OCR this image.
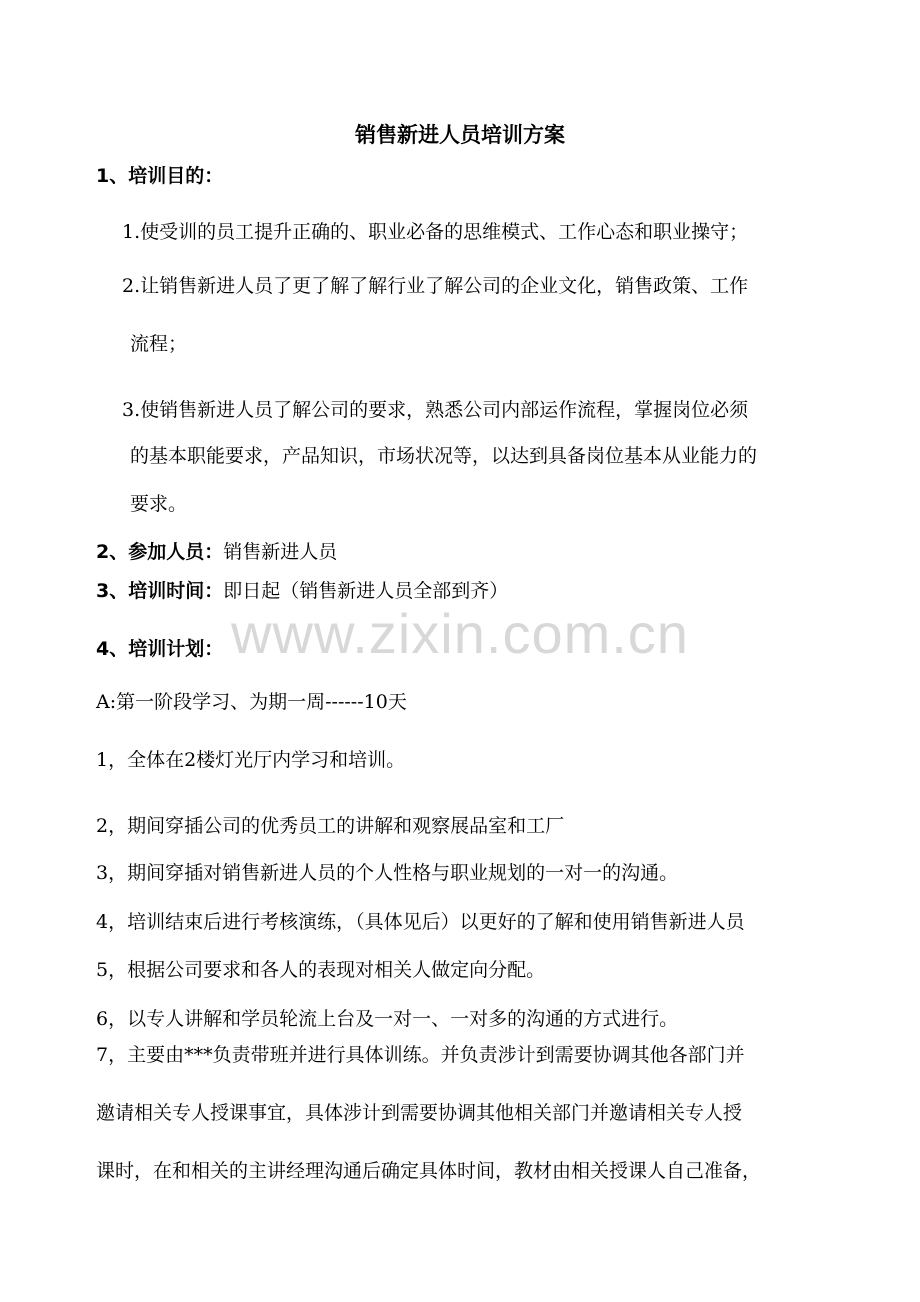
www.zixin.com.cn
销售新进人员培训方案
1、培训目的：
1.使受训的员工提升正确的、职业必备的思维模式、工作心态和职业操守；
2.让销售新进人员了更了解了解行业了解公司的企业文化，销售政策、工作
流程；
3.使销售新进人员了解公司的要求，熟悉公司内部运作流程，掌握岗位必须
的基本职能要求，产品知识，市场状况等，以达到具备岗位基本从业能力的
要求。
2、参加人员：销售新进人员
3、培训时间：即日起（销售新进人员全部到齐）
4、培训计划：
A:第一阶段学习、为期一周------10天
1，全体在2楼灯光厅内学习和培训。
2，期间穿插公司的优秀员工的讲解和观察展品室和工厂
3，期间穿插对销售新进人员的个人性格与职业规划的一对一的沟通。
4，培训结束后进行考核演练，（具体见后）以更好的了解和使用销售新进人员
5，根据公司要求和各人的表现对相关人做定向分配。
6，以专人讲解和学员轮流上台及一对一、一对多的沟通的方式进行。
7，主要由***负责带班并进行具体训练。并负责涉计到需要协调其他各部门并
邀请相关专人授课事宜，具体涉计到需要协调其他相关部门并邀请相关专人授
课时，在和相关的主讲经理沟通后确定具体时间，教材由相关授课人自己准备，
